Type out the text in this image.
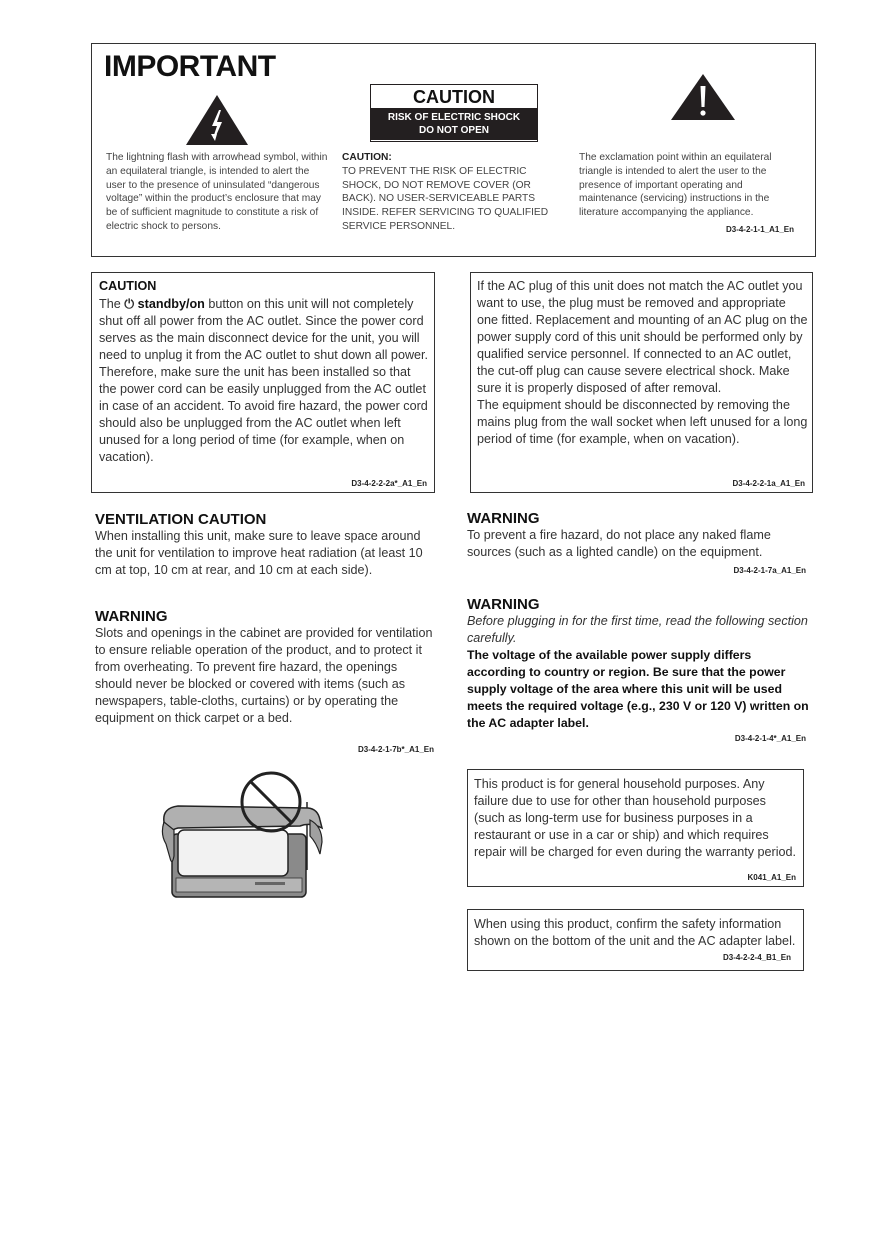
IMPORTANT
CAUTION
RISK OF ELECTRIC SHOCK
DO NOT OPEN
The lightning flash with arrowhead symbol, within an equilateral triangle, is intended to alert the user to the presence of uninsulated “dangerous voltage” within the product’s enclosure that may be of sufficient magnitude to constitute a risk of electric shock to persons.
CAUTION:
TO PREVENT THE RISK OF ELECTRIC SHOCK, DO NOT REMOVE COVER (OR BACK). NO USER-SERVICEABLE PARTS INSIDE. REFER SERVICING TO QUALIFIED SERVICE PERSONNEL.
The exclamation point within an equilateral triangle is intended to alert the user to the presence of important operating and maintenance (servicing) instructions in the literature accompanying the appliance.
D3-4-2-1-1_A1_En
CAUTION
The ⏻ standby/on button on this unit will not completely shut off all power from the AC outlet. Since the power cord serves as the main disconnect device for the unit, you will need to unplug it from the AC outlet to shut down all power. Therefore, make sure the unit has been installed so that the power cord can be easily unplugged from the AC outlet in case of an accident. To avoid fire hazard, the power cord should also be unplugged from the AC outlet when left unused for a long period of time (for example, when on vacation).
D3-4-2-2-2a*_A1_En
If the AC plug of this unit does not match the AC outlet you want to use, the plug must be removed and appropriate one fitted. Replacement and mounting of an AC plug on the power supply cord of this unit should be performed only by qualified service personnel. If connected to an AC outlet, the cut-off plug can cause severe electrical shock. Make sure it is properly disposed of after removal.
The equipment should be disconnected by removing the mains plug from the wall socket when left unused for a long period of time (for example, when on vacation).
D3-4-2-2-1a_A1_En
VENTILATION CAUTION
When installing this unit, make sure to leave space around the unit for ventilation to improve heat radiation (at least 10 cm at top, 10 cm at rear, and 10 cm at each side).
WARNING
Slots and openings in the cabinet are provided for ventilation to ensure reliable operation of the product, and to protect it from overheating. To prevent fire hazard, the openings should never be blocked or covered with items (such as newspapers, table-cloths, curtains) or by operating the equipment on thick carpet or a bed.
D3-4-2-1-7b*_A1_En
WARNING
To prevent a fire hazard, do not place any naked flame sources (such as a lighted candle) on the equipment.
D3-4-2-1-7a_A1_En
WARNING
Before plugging in for the first time, read the following section carefully.
The voltage of the available power supply differs according to country or region. Be sure that the power supply voltage of the area where this unit will be used meets the required voltage (e.g., 230 V or 120 V) written on the AC adapter label.
D3-4-2-1-4*_A1_En
This product is for general household purposes. Any failure due to use for other than household purposes (such as long-term use for business purposes in a restaurant or use in a car or ship) and which requires repair will be charged for even during the warranty period.
K041_A1_En
When using this product, confirm the safety information shown on the bottom of the unit and the AC adapter label.
D3-4-2-2-4_B1_En
